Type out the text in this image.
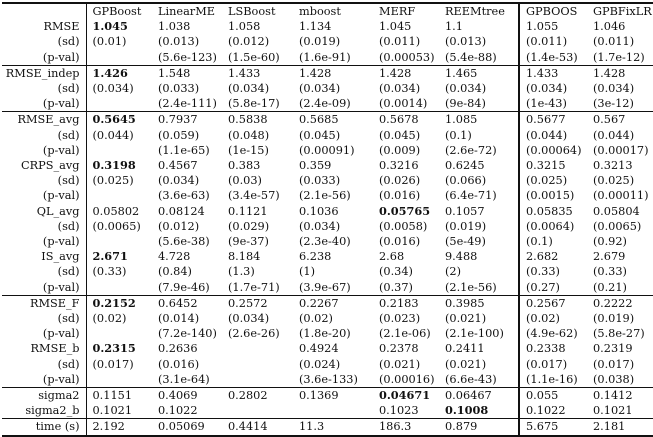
	GPBoost	LinearME	LSBoost	mboost	MERF	REEMtree	GPBOOS	GPBFixLR
RMSE	1.045	1.038	1.058	1.134	1.045	1.1	1.055	1.046
(sd)	(0.01)	(0.013)	(0.012)	(0.019)	(0.011)	(0.013)	(0.011)	(0.011)
(p-val)		(5.6e-123)	(1.5e-60)	(1.6e-91)	(0.00053)	(5.4e-88)	(1.4e-53)	(1.7e-12)
RMSE_indep	1.426	1.548	1.433	1.428	1.428	1.465	1.433	1.428
(sd)	(0.034)	(0.033)	(0.034)	(0.034)	(0.034)	(0.034)	(0.034)	(0.034)
(p-val)		(2.4e-111)	(5.8e-17)	(2.4e-09)	(0.0014)	(9e-84)	(1e-43)	(3e-12)
RMSE_avg	0.5645	0.7937	0.5838	0.5685	0.5678	1.085	0.5677	0.567
(sd)	(0.044)	(0.059)	(0.048)	(0.045)	(0.045)	(0.1)	(0.044)	(0.044)
(p-val)		(1.1e-65)	(1e-15)	(0.00091)	(0.009)	(2.6e-72)	(0.00064)	(0.00017)
CRPS_avg	0.3198	0.4567	0.383	0.359	0.3216	0.6245	0.3215	0.3213
(sd)	(0.025)	(0.034)	(0.03)	(0.033)	(0.026)	(0.066)	(0.025)	(0.025)
(p-val)		(3.6e-63)	(3.4e-57)	(2.1e-56)	(0.016)	(6.4e-71)	(0.0015)	(0.00011)
QL_avg	0.05802	0.08124	0.1121	0.1036	0.05765	0.1057	0.05835	0.05804
(sd)	(0.0065)	(0.012)	(0.029)	(0.034)	(0.0058)	(0.019)	(0.0064)	(0.0065)
(p-val)		(5.6e-38)	(9e-37)	(2.3e-40)	(0.016)	(5e-49)	(0.1)	(0.92)
IS_avg	2.671	4.728	8.184	6.238	2.68	9.488	2.682	2.679
(sd)	(0.33)	(0.84)	(1.3)	(1)	(0.34)	(2)	(0.33)	(0.33)
(p-val)		(7.9e-46)	(1.7e-71)	(3.9e-67)	(0.37)	(2.1e-56)	(0.27)	(0.21)
RMSE_F	0.2152	0.6452	0.2572	0.2267	0.2183	0.3985	0.2567	0.2222
(sd)	(0.02)	(0.014)	(0.034)	(0.02)	(0.023)	(0.021)	(0.02)	(0.019)
(p-val)		(7.2e-140)	(2.6e-26)	(1.8e-20)	(2.1e-06)	(2.1e-100)	(4.9e-62)	(5.8e-27)
RMSE_b	0.2315	0.2636		0.4924	0.2378	0.2411	0.2338	0.2319
(sd)	(0.017)	(0.016)		(0.024)	(0.021)	(0.021)	(0.017)	(0.017)
(p-val)		(3.1e-64)		(3.6e-133)	(0.00016)	(6.6e-43)	(1.1e-16)	(0.038)
sigma2	0.1151	0.4069	0.2802	0.1369	0.04671	0.06467	0.055	0.1412
sigma2_b	0.1021	0.1022			0.1023	0.1008	0.1022	0.1021
time (s)	2.192	0.05069	0.4414	11.3	186.3	0.879	5.675	2.181
